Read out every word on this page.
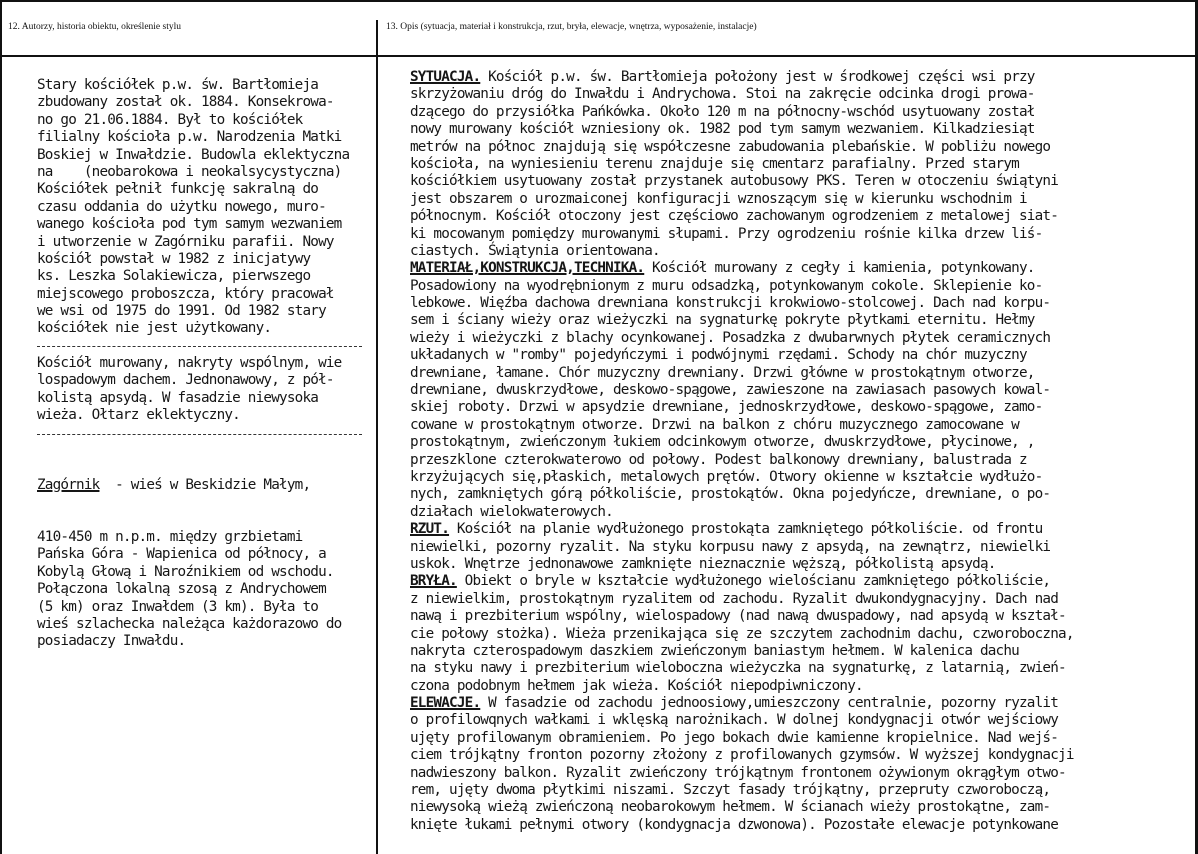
12. Autorzy, historia obiektu, określenie stylu	13. Opis (sytuacja, materiał i konstrukcja, rzut, bryła, elewacje, wnętrza, wyposażenie, instalacje)
Stary kościółek p.w. św. Bartłomieja
zbudowany został ok. 1884. Konsekrowa-
no go 21.06.1884. Był to kościółek
filialny kościoła p.w. Narodzenia Matki
Boskiej w Inwałdzie. Budowla eklektyczna
na    (neobarokowa i neokalsycystyczna)
Kościółek pełnił funkcję sakralną do
czasu oddania do użytku nowego, muro-
wanego kościoła pod tym samym wezwaniem
i utworzenie w Zagórniku parafii. Nowy
kościół powstał w 1982 z inicjatywy
ks. Leszka Solakiewicza, pierwszego
miejscowego proboszcza, który pracował
we wsi od 1975 do 1991. Od 1982 stary
kościółek nie jest użytkowany.
Kościół murowany, nakryty wspólnym, wie
lospadowym dachem. Jednonawowy, z pół-
kolistą apsydą. W fasadzie niewysoka
wieża. Ołtarz eklektyczny.

Zagórnik  - wieś w Beskidzie Małym,

410-450 m n.p.m. między grzbietami
Pańska Góra - Wapienica od północy, a
Kobylą Głową i Naroźnikiem od wschodu.
Połączona lokalną szosą z Andrychowem
(5 km) oraz Inwałdem (3 km). Była to
wieś szlachecka należąca każdorazowo do
posiadaczy Inwałdu.

SYTUACJA. Kościół p.w. św. Bartłomieja położony jest w środkowej części wsi przy
skrzyżowaniu dróg do Inwałdu i Andrychowa. Stoi na zakręcie odcinka drogi prowa-
dzącego do przysiółka Pańkówka. Około 120 m na północny-wschód usytuowany został
nowy murowany kościół wzniesiony ok. 1982 pod tym samym wezwaniem. Kilkadziesiąt
metrów na północ znajdują się współczesne zabudowania plebańskie. W pobliżu nowego
kościoła, na wyniesieniu terenu znajduje się cmentarz parafialny. Przed starym
kościółkiem usytuowany został przystanek autobusowy PKS. Teren w otoczeniu świątyni
jest obszarem o urozmaiconej konfiguracji wznoszącym się w kierunku wschodnim i
północnym. Kościół otoczony jest częściowo zachowanym ogrodzeniem z metalowej siat-
ki mocowanym pomiędzy murowanymi słupami. Przy ogrodzeniu rośnie kilka drzew liś-
ciastych. Świątynia orientowana.
MATERIAŁ,KONSTRUKCJA,TECHNIKA. Kościół murowany z cegły i kamienia, potynkowany.
Posadowiony na wyodrębnionym z muru odsadzką, potynkowanym cokole. Sklepienie ko-
lebkowe. Więźba dachowa drewniana konstrukcji krokwiowo-stolcowej. Dach nad korpu-
sem i ściany wieży oraz wieżyczki na sygnaturkę pokryte płytkami eternitu. Hełmy
wieży i wieżyczki z blachy ocynkowanej. Posadzka z dwubarwnych płytek ceramicznych
układanych w "romby" pojedyńczymi i podwójnymi rzędami. Schody na chór muzyczny
drewniane, łamane. Chór muzyczny drewniany. Drzwi główne w prostokątnym otworze,
drewniane, dwuskrzydłowe, deskowo-spągowe, zawieszone na zawiasach pasowych kowal-
skiej roboty. Drzwi w apsydzie drewniane, jednoskrzydłowe, deskowo-spągowe, zamo-
cowane w prostokątnym otworze. Drzwi na balkon z chóru muzycznego zamocowane w
prostokątnym, zwieńczonym łukiem odcinkowym otworze, dwuskrzydłowe, płycinowe, ,
przeszklone czterokwaterowo od połowy. Podest balkonowy drewniany, balustrada z
krzyżujących się,płaskich, metalowych prętów. Otwory okienne w kształcie wydłużo-
nych, zamkniętych górą półkoliście, prostokątów. Okna pojedyńcze, drewniane, o po-
działach wielokwaterowych.
RZUT. Kościół na planie wydłużonego prostokąta zamkniętego półkoliście. od frontu
niewielki, pozorny ryzalit. Na styku korpusu nawy z apsydą, na zewnątrz, niewielki
uskok. Wnętrze jednonawowe zamknięte nieznacznie węższą, półkolistą apsydą.
BRYŁA. Obiekt o bryle w kształcie wydłużonego wielościanu zamkniętego półkoliście,
z niewielkim, prostokątnym ryzalitem od zachodu. Ryzalit dwukondygnacyjny. Dach nad
nawą i prezbiterium wspólny, wielospadowy (nad nawą dwuspadowy, nad apsydą w kształ-
cie połowy stożka). Wieża przenikająca się ze szczytem zachodnim dachu, czworoboczna,
nakryta czterospadowym daszkiem zwieńczonym baniastym hełmem. W kalenica dachu
na styku nawy i prezbiterium wieloboczna wieżyczka na sygnaturkę, z latarnią, zwień-
czona podobnym hełmem jak wieża. Kościół niepodpiwniczony.
ELEWACJE. W fasadzie od zachodu jednoosiowy,umieszczony centralnie, pozorny ryzalit
o profilowqnych wałkami i wklęską narożnikach. W dolnej kondygnacji otwór wejściowy
ujęty profilowanym obramieniem. Po jego bokach dwie kamienne kropielnice. Nad wejś-
ciem trójkątny fronton pozorny złożony z profilowanych gzymsów. W wyższej kondygnacji
nadwieszony balkon. Ryzalit zwieńczony trójkątnym frontonem ożywionym okrągłym otwo-
rem, ujęty dwoma płytkimi niszami. Szczyt fasady trójkątny, przepruty czworoboczą,
niewysoką wieżą zwieńczoną neobarokowym hełmem. W ścianach wieży prostokątne, zam-
knięte łukami pełnymi otwory (kondygnacja dzwonowa). Pozostałe elewacje potynkowane
